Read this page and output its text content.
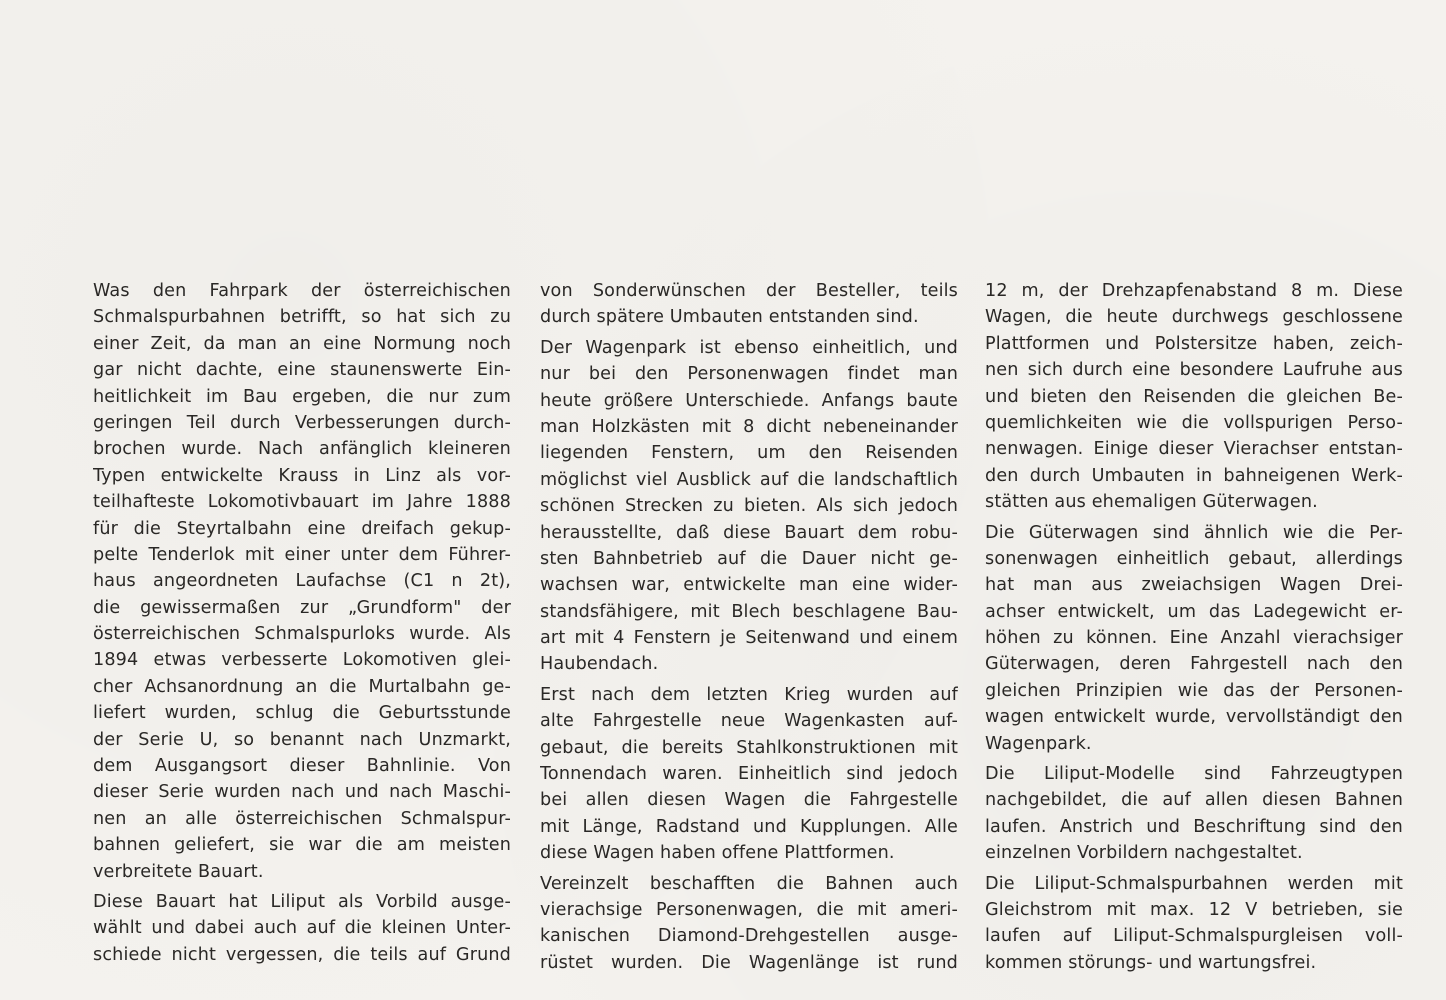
Was den Fahrpark der österreichischen
Schmalspurbahnen betrifft, so hat sich zu
einer Zeit, da man an eine Normung noch
gar nicht dachte, eine staunenswerte Ein-
heitlichkeit im Bau ergeben, die nur zum
geringen Teil durch Verbesserungen durch-
brochen wurde. Nach anfänglich kleineren
Typen entwickelte Krauss in Linz als vor-
teilhafteste Lokomotivbauart im Jahre 1888
für die Steyrtalbahn eine dreifach gekup-
pelte Tenderlok mit einer unter dem Führer-
haus angeordneten Laufachse (C1 n 2t),
die gewissermaßen zur „Grundform" der
österreichischen Schmalspurloks wurde. Als
1894 etwas verbesserte Lokomotiven glei-
cher Achsanordnung an die Murtalbahn ge-
liefert wurden, schlug die Geburtsstunde
der Serie U, so benannt nach Unzmarkt,
dem Ausgangsort dieser Bahnlinie. Von
dieser Serie wurden nach und nach Maschi-
nen an alle österreichischen Schmalspur-
bahnen geliefert, sie war die am meisten
verbreitete Bauart.
Diese Bauart hat Liliput als Vorbild ausge-
wählt und dabei auch auf die kleinen Unter-
schiede nicht vergessen, die teils auf Grund
von Sonderwünschen der Besteller, teils
durch spätere Umbauten entstanden sind.
Der Wagenpark ist ebenso einheitlich, und
nur bei den Personenwagen findet man
heute größere Unterschiede. Anfangs baute
man Holzkästen mit 8 dicht nebeneinander
liegenden Fenstern, um den Reisenden
möglichst viel Ausblick auf die landschaftlich
schönen Strecken zu bieten. Als sich jedoch
herausstellte, daß diese Bauart dem robu-
sten Bahnbetrieb auf die Dauer nicht ge-
wachsen war, entwickelte man eine wider-
standsfähigere, mit Blech beschlagene Bau-
art mit 4 Fenstern je Seitenwand und einem
Haubendach.
Erst nach dem letzten Krieg wurden auf
alte Fahrgestelle neue Wagenkasten auf-
gebaut, die bereits Stahlkonstruktionen mit
Tonnendach waren. Einheitlich sind jedoch
bei allen diesen Wagen die Fahrgestelle
mit Länge, Radstand und Kupplungen. Alle
diese Wagen haben offene Plattformen.
Vereinzelt beschafften die Bahnen auch
vierachsige Personenwagen, die mit ameri-
kanischen Diamond-Drehgestellen ausge-
rüstet wurden. Die Wagenlänge ist rund
12 m, der Drehzapfenabstand 8 m. Diese
Wagen, die heute durchwegs geschlossene
Plattformen und Polstersitze haben, zeich-
nen sich durch eine besondere Laufruhe aus
und bieten den Reisenden die gleichen Be-
quemlichkeiten wie die vollspurigen Perso-
nenwagen. Einige dieser Vierachser entstan-
den durch Umbauten in bahneigenen Werk-
stätten aus ehemaligen Güterwagen.
Die Güterwagen sind ähnlich wie die Per-
sonenwagen einheitlich gebaut, allerdings
hat man aus zweiachsigen Wagen Drei-
achser entwickelt, um das Ladegewicht er-
höhen zu können. Eine Anzahl vierachsiger
Güterwagen, deren Fahrgestell nach den
gleichen Prinzipien wie das der Personen-
wagen entwickelt wurde, vervollständigt den
Wagenpark.
Die Liliput-Modelle sind Fahrzeugtypen
nachgebildet, die auf allen diesen Bahnen
laufen. Anstrich und Beschriftung sind den
einzelnen Vorbildern nachgestaltet.
Die Liliput-Schmalspurbahnen werden mit
Gleichstrom mit max. 12 V betrieben, sie
laufen auf Liliput-Schmalspurgleisen voll-
kommen störungs- und wartungsfrei.
